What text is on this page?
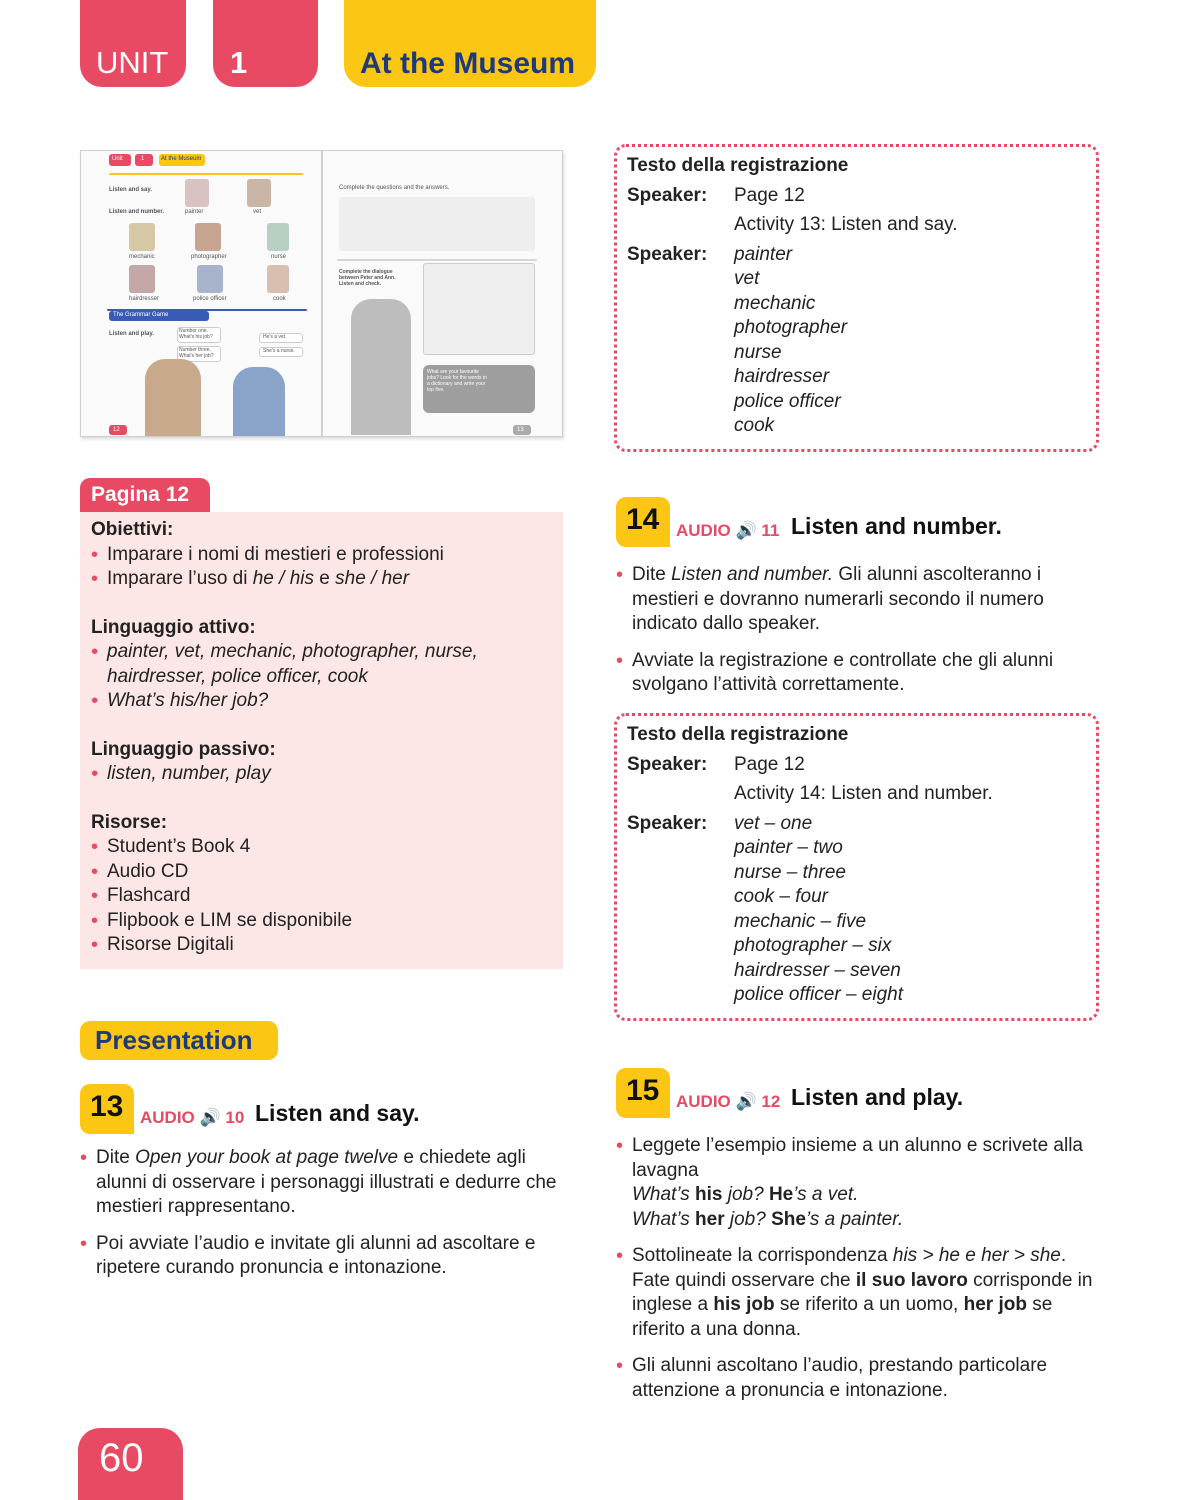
UNIT 1	At the Museum
Unit	1	At the Museum
Listen and say.
Listen and number.	painter	vet
mechanic	photographer	nurse
hairdresser	police officer	cook
The Grammar Game
Listen and play.	Number one. What's his job?
Number three. What's her job?
He's a vet.
She's a nurse.
12
Complete the questions and the answers.
Complete the dialogue between Peter and Ann. Listen and check.
What are your favourite jobs? Look for the words in a dictionary and write your top five.
13
Pagina 12
Obiettivi:
• Imparare i nomi di mestieri e professioni
• Imparare l’uso di he / his e she / her
Linguaggio attivo:
• painter, vet, mechanic, photographer, nurse, hairdresser, police officer, cook
• What’s his/her job?
Linguaggio passivo:
• listen, number, play
Risorse:
• Student’s Book 4
• Audio CD
• Flashcard
• Flipbook e LIM se disponibile
• Risorse Digitali
Presentation
13 AUDIO 🔊 10 Listen and say.
• Dite Open your book at page twelve e chiedete agli alunni di osservare i personaggi illustrati e dedurre che mestieri rappresentano.
• Poi avviate l’audio e invitate gli alunni ad ascoltare e ripetere curando pronuncia e intonazione.
Testo della registrazione
Speaker:	Page 12
Activity 13: Listen and say.
Speaker:	painter
vet
mechanic
photographer
nurse
hairdresser
police officer
cook
14 AUDIO 🔊 11 Listen and number.
• Dite Listen and number. Gli alunni ascolteranno i mestieri e dovranno numerarli secondo il numero indicato dallo speaker.
• Avviate la registrazione e controllate che gli alunni svolgano l’attività correttamente.
Testo della registrazione
Speaker:	Page 12
Activity 14: Listen and number.
Speaker:	vet – one
painter – two
nurse – three
cook – four
mechanic – five
photographer – six
hairdresser – seven
police officer – eight
15 AUDIO 🔊 12 Listen and play.
• Leggete l’esempio insieme a un alunno e scrivete alla lavagna
What’s his job? He’s a vet.
What’s her job? She’s a painter.
• Sottolineate la corrispondenza his > he e her > she. Fate quindi osservare che il suo lavoro corrisponde in inglese a his job se riferito a un uomo, her job se riferito a una donna.
• Gli alunni ascoltano l’audio, prestando particolare attenzione a pronuncia e intonazione.
60
